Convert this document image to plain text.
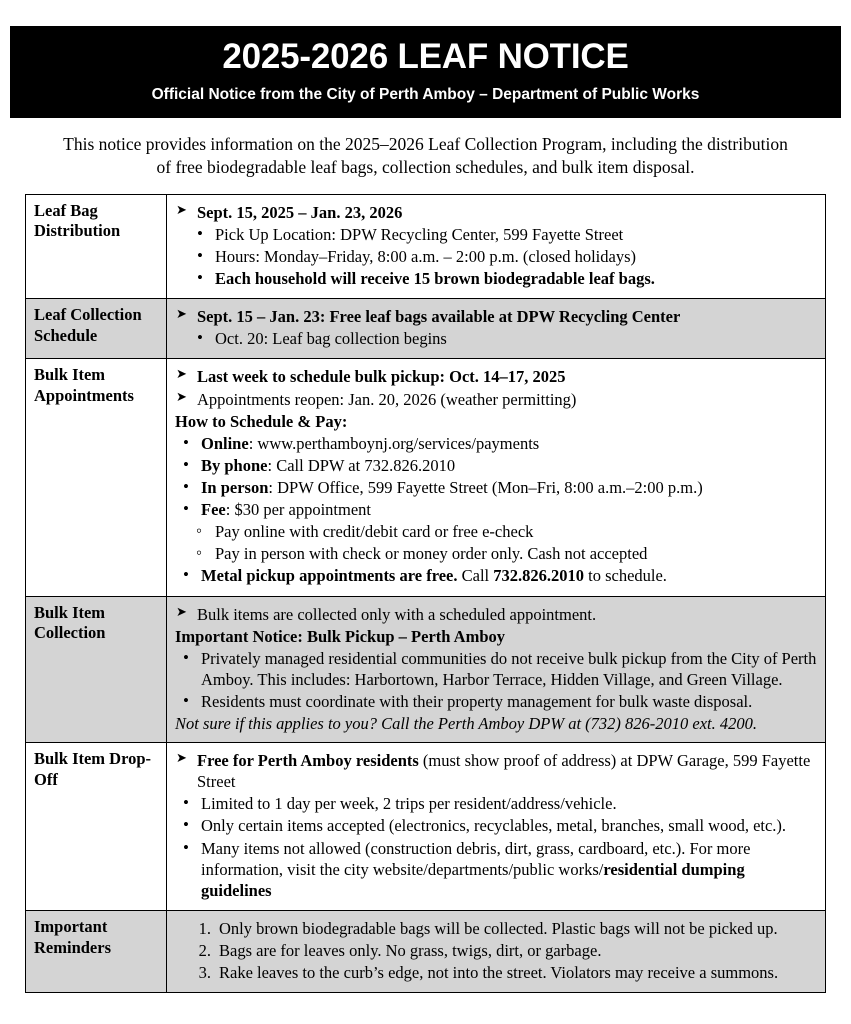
2025-2026 LEAF NOTICE
Official Notice from the City of Perth Amboy – Department of Public Works
This notice provides information on the 2025–2026 Leaf Collection Program, including the distribution
of free biodegradable leaf bags, collection schedules, and bulk item disposal.
Leaf Bag Distribution	
➤ Sept. 15, 2025 – Jan. 23, 2026
• Pick Up Location: DPW Recycling Center, 599 Fayette Street
• Hours: Monday–Friday, 8:00 a.m. – 2:00 p.m. (closed holidays)
• Each household will receive 15 brown biodegradable leaf bags.

Leaf Collection Schedule	
➤ Sept. 15 – Jan. 23: Free leaf bags available at DPW Recycling Center
• Oct. 20: Leaf bag collection begins

Bulk Item Appointments	
➤ Last week to schedule bulk pickup: Oct. 14–17, 2025
➤ Appointments reopen: Jan. 20, 2026 (weather permitting)
How to Schedule & Pay:
• Online: www.perthamboynj.org/services/payments
• By phone: Call DPW at 732.826.2010
• In person: DPW Office, 599 Fayette Street (Mon–Fri, 8:00 a.m.–2:00 p.m.)
• Fee: $30 per appointment
◦ Pay online with credit/debit card or free e-check
◦ Pay in person with check or money order only. Cash not accepted
• Metal pickup appointments are free. Call 732.826.2010 to schedule.

Bulk Item Collection	
➤ Bulk items are collected only with a scheduled appointment.
Important Notice: Bulk Pickup – Perth Amboy
• Privately managed residential communities do not receive bulk pickup from the City of Perth Amboy. This includes: Harbortown, Harbor Terrace, Hidden Village, and Green Village.
• Residents must coordinate with their property management for bulk waste disposal.
Not sure if this applies to you? Call the Perth Amboy DPW at (732) 826-2010 ext. 4200.

Bulk Item Drop-Off	
➤ Free for Perth Amboy residents (must show proof of address) at DPW Garage, 599 Fayette Street
• Limited to 1 day per week, 2 trips per resident/address/vehicle.
• Only certain items accepted (electronics, recyclables, metal, branches, small wood, etc.).
• Many items not allowed (construction debris, dirt, grass, cardboard, etc.). For more information, visit the city website/departments/public works/residential dumping guidelines

Important Reminders	
1. Only brown biodegradable bags will be collected. Plastic bags will not be picked up.
2. Bags are for leaves only. No grass, twigs, dirt, or garbage.
3. Rake leaves to the curb’s edge, not into the street. Violators may receive a summons.
